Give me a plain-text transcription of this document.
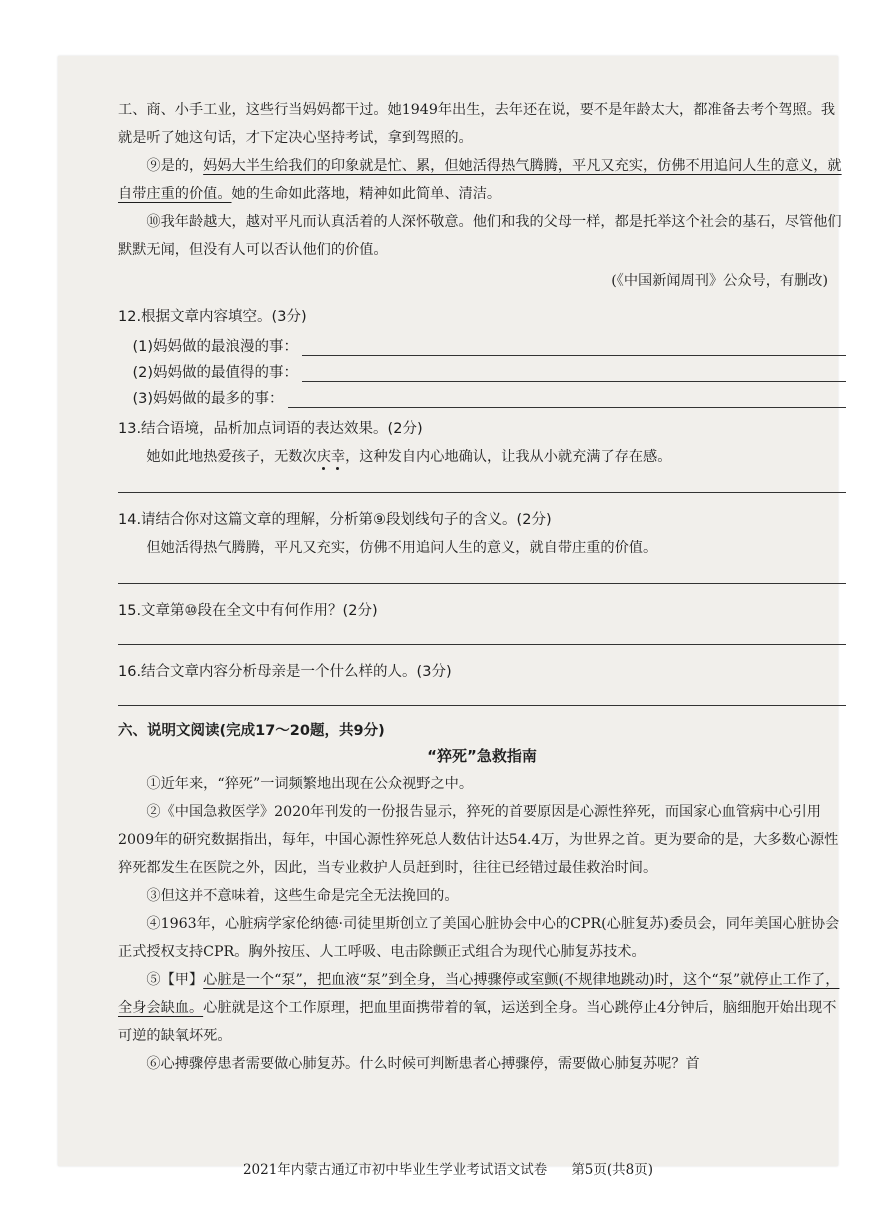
工、商、小手工业，这些行当妈妈都干过。她1949年出生，去年还在说，要不是年龄太大，都准备去考个驾照。我就是听了她这句话，才下定决心坚持考试，拿到驾照的。

⑨是的，妈妈大半生给我们的印象就是忙、累，但她活得热气腾腾，平凡又充实，仿佛不用追问人生的意义，就自带庄重的价值。她的生命如此落地，精神如此简单、清洁。

⑩我年龄越大，越对平凡而认真活着的人深怀敬意。他们和我的父母一样，都是托举这个社会的基石，尽管他们默默无闻，但没有人可以否认他们的价值。

(《中国新闻周刊》公众号，有删改)

12.根据文章内容填空。(3分)

(1)妈妈做的最浪漫的事：
(2)妈妈做的最值得的事：
(3)妈妈做的最多的事：

13.结合语境，品析加点词语的表达效果。(2分)

她如此地热爱孩子，无数次庆幸，这种发自内心地确认，让我从小就充满了存在感。

14.请结合你对这篇文章的理解，分析第⑨段划线句子的含义。(2分)

但她活得热气腾腾，平凡又充实，仿佛不用追问人生的意义，就自带庄重的价值。

15.文章第⑩段在全文中有何作用？(2分)

16.结合文章内容分析母亲是一个什么样的人。(3分)

六、说明文阅读(完成17～20题，共9分)

“猝死”急救指南

①近年来，“猝死”一词频繁地出现在公众视野之中。

②《中国急救医学》2020年刊发的一份报告显示，猝死的首要原因是心源性猝死，而国家心血管病中心引用2009年的研究数据指出，每年，中国心源性猝死总人数估计达54.4万，为世界之首。更为要命的是，大多数心源性猝死都发生在医院之外，因此，当专业救护人员赶到时，往往已经错过最佳救治时间。

③但这并不意味着，这些生命是完全无法挽回的。

④1963年，心脏病学家伦纳德·司徒里斯创立了美国心脏协会中心的CPR(心脏复苏)委员会，同年美国心脏协会正式授权支持CPR。胸外按压、人工呼吸、电击除颤正式组合为现代心肺复苏技术。

⑤【甲】心脏是一个“泵”，把血液“泵”到全身，当心搏骤停或室颤(不规律地跳动)时，这个“泵”就停止工作了，全身会缺血。心脏就是这个工作原理，把血里面携带着的氧，运送到全身。当心跳停止4分钟后，脑细胞开始出现不可逆的缺氧坏死。

⑥心搏骤停患者需要做心肺复苏。什么时候可判断患者心搏骤停，需要做心肺复苏呢？首

2021年内蒙古通辽市初中毕业生学业考试语文试卷 第5页(共8页)
